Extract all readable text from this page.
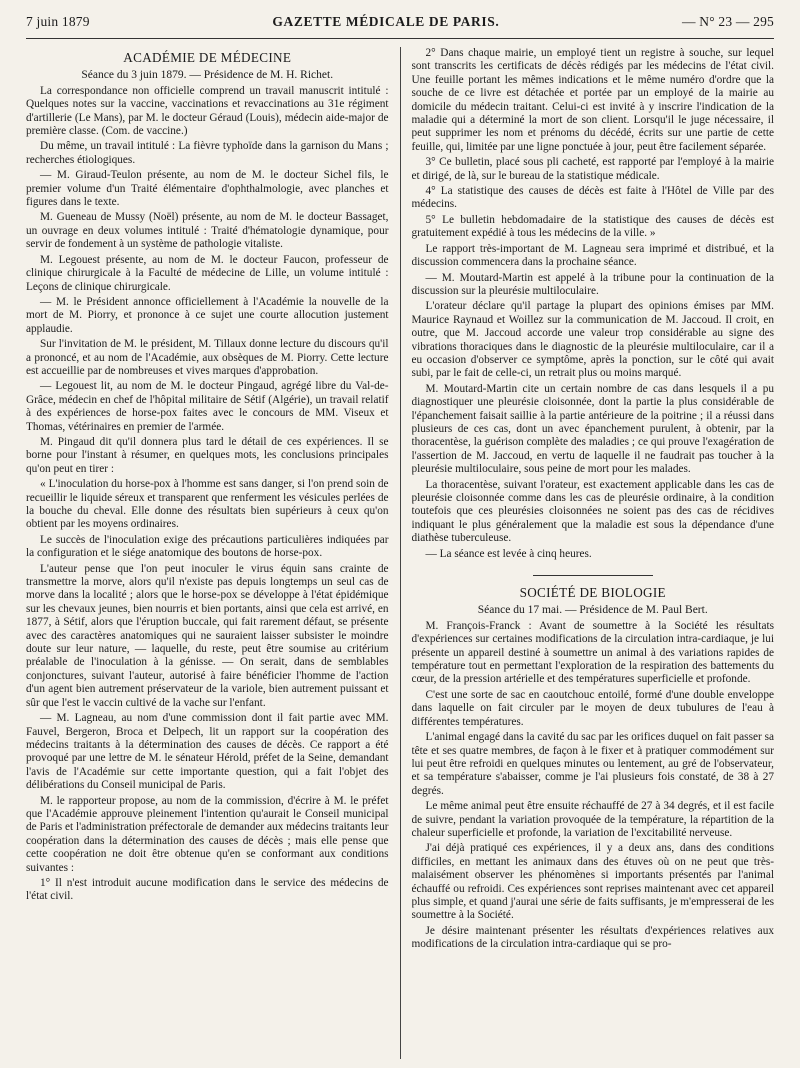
7 juin 1879	GAZETTE MÉDICALE DE PARIS.	— N° 23 — 295
ACADÉMIE DE MÉDECINE

Séance du 3 juin 1879. — Présidence de M. H. Richet.

La correspondance non officielle comprend un travail manuscrit intitulé : Quelques notes sur la vaccine, vaccinations et revaccinations au 31e régiment d'artillerie (Le Mans), par M. le docteur Géraud (Louis), médecin aide-major de première classe. (Com. de vaccine.)

Du même, un travail intitulé : La fièvre typhoïde dans la garnison du Mans ; recherches étiologiques.

— M. Giraud-Teulon présente, au nom de M. le docteur Sichel fils, le premier volume d'un Traité élémentaire d'ophthalmologie, avec planches et figures dans le texte.

M. Gueneau de Mussy (Noël) présente, au nom de M. le docteur Bassaget, un ouvrage en deux volumes intitulé : Traité d'hématologie dynamique, pour servir de fondement à un système de pathologie vitaliste.

M. Legouest présente, au nom de M. le docteur Faucon, professeur de clinique chirurgicale à la Faculté de médecine de Lille, un volume intitulé : Leçons de clinique chirurgicale.

— M. le Président annonce officiellement à l'Académie la nouvelle de la mort de M. Piorry, et prononce à ce sujet une courte allocution justement applaudie.

Sur l'invitation de M. le président, M. Tillaux donne lecture du discours qu'il a prononcé, et au nom de l'Académie, aux obsèques de M. Piorry. Cette lecture est accueillie par de nombreuses et vives marques d'approbation.

— Legouest lit, au nom de M. le docteur Pingaud, agrégé libre du Val-de-Grâce, médecin en chef de l'hôpital militaire de Sétif (Algérie), un travail relatif à des expériences de horse-pox faites avec le concours de MM. Viseux et Thomas, vétérinaires en premier de l'armée.

M. Pingaud dit qu'il donnera plus tard le détail de ces expériences. Il se borne pour l'instant à résumer, en quelques mots, les conclusions principales qu'on peut en tirer :

« L'inoculation du horse-pox à l'homme est sans danger, si l'on prend soin de recueillir le liquide séreux et transparent que renferment les vésicules perlées de la bouche du cheval. Elle donne des résultats bien supérieurs à ceux qu'on obtient par les moyens ordinaires.

Le succès de l'inoculation exige des précautions particulières indiquées par la configuration et le siége anatomique des boutons de horse-pox.

L'auteur pense que l'on peut inoculer le virus équin sans crainte de transmettre la morve, alors qu'il n'existe pas depuis longtemps un seul cas de morve dans la localité ; alors que le horse-pox se développe à l'état épidémique sur les chevaux jeunes, bien nourris et bien portants, ainsi que cela est arrivé, en 1877, à Sétif, alors que l'éruption buccale, qui fait rarement défaut, se présente avec des caractères anatomiques qui ne sauraient laisser subsister le moindre doute sur leur nature, — laquelle, du reste, peut être soumise au critérium préalable de l'inoculation à la génisse. — On serait, dans de semblables conjonctures, suivant l'auteur, autorisé à faire bénéficier l'homme de l'action d'un agent bien autrement préservateur de la variole, bien autrement puissant et sûr que l'est le vaccin cultivé de la vache sur l'enfant.

— M. Lagneau, au nom d'une commission dont il fait partie avec MM. Fauvel, Bergeron, Broca et Delpech, lit un rapport sur la coopération des médecins traitants à la détermination des causes de décès. Ce rapport a été provoqué par une lettre de M. le sénateur Hérold, préfet de la Seine, demandant l'avis de l'Académie sur cette importante question, qui a fait l'objet des délibérations du Conseil municipal de Paris.

M. le rapporteur propose, au nom de la commission, d'écrire à M. le préfet que l'Académie approuve pleinement l'intention qu'aurait le Conseil municipal de Paris et l'administration préfectorale de demander aux médecins traitants leur coopération dans la détermination des causes de décès ; mais elle pense que cette coopération ne doit être obtenue qu'en se conformant aux conditions suivantes :

1° Il n'est introduit aucune modification dans le service des médecins de l'état civil.

2° Dans chaque mairie, un employé tient un registre à souche, sur lequel sont transcrits les certificats de décès rédigés par les médecins de l'état civil. Une feuille portant les mêmes indications et le même numéro d'ordre que la souche de ce livre est détachée et portée par un employé de la mairie au domicile du médecin traitant. Celui-ci est invité à y inscrire l'indication de la maladie qui a déterminé la mort de son client. Lorsqu'il le juge nécessaire, il peut supprimer les nom et prénoms du décédé, écrits sur une partie de cette feuille, qui, limitée par une ligne ponctuée à jour, peut être facilement séparée.

3° Ce bulletin, placé sous pli cacheté, est rapporté par l'employé à la mairie et dirigé, de là, sur le bureau de la statistique médicale.

4° La statistique des causes de décès est faite à l'Hôtel de Ville par des médecins.

5° Le bulletin hebdomadaire de la statistique des causes de décès est gratuitement expédié à tous les médecins de la ville. »

Le rapport très-important de M. Lagneau sera imprimé et distribué, et la discussion commencera dans la prochaine séance.

— M. Moutard-Martin est appelé à la tribune pour la continuation de la discussion sur la pleurésie multiloculaire.

L'orateur déclare qu'il partage la plupart des opinions émises par MM. Maurice Raynaud et Woillez sur la communication de M. Jaccoud. Il croit, en outre, que M. Jaccoud accorde une valeur trop considérable au signe des vibrations thoraciques dans le diagnostic de la pleurésie multiloculaire, car il a eu occasion d'observer ce symptôme, après la ponction, sur le côté qui avait subi, par le fait de celle-ci, un retrait plus ou moins marqué.

M. Moutard-Martin cite un certain nombre de cas dans lesquels il a pu diagnostiquer une pleurésie cloisonnée, dont la partie la plus considérable de l'épanchement faisait saillie à la partie antérieure de la poitrine ; il a réussi dans plusieurs de ces cas, dont un avec épanchement purulent, à obtenir, par la thoracentèse, la guérison complète des maladies ; ce qui prouve l'exagération de l'assertion de M. Jaccoud, en vertu de laquelle il ne faudrait pas toucher à la pleurésie multiloculaire, sous peine de mort pour les malades.

La thoracentèse, suivant l'orateur, est exactement applicable dans les cas de pleurésie cloisonnée comme dans les cas de pleurésie ordinaire, à la condition toutefois que ces pleurésies cloisonnées ne soient pas des cas de récidives indiquant le plus généralement que la maladie est sous la dépendance d'une diathèse tuberculeuse.

— La séance est levée à cinq heures.

SOCIÉTÉ DE BIOLOGIE

Séance du 17 mai. — Présidence de M. Paul Bert.

M. François-Franck : Avant de soumettre à la Société les résultats d'expériences sur certaines modifications de la circulation intra-cardiaque, je lui présente un appareil destiné à soumettre un animal à des variations rapides de température tout en permettant l'exploration de la respiration des battements du cœur, de la pression artérielle et des températures superficielle et profonde.

C'est une sorte de sac en caoutchouc entoilé, formé d'une double enveloppe dans laquelle on fait circuler par le moyen de deux tubulures de l'eau à différentes températures.

L'animal engagé dans la cavité du sac par les orifices duquel on fait passer sa tête et ses quatre membres, de façon à le fixer et à pratiquer commodément sur lui peut être refroidi en quelques minutes ou lentement, au gré de l'observateur, et sa température s'abaisser, comme je l'ai plusieurs fois constaté, de 38 à 27 degrés.

Le même animal peut être ensuite réchauffé de 27 à 34 degrés, et il est facile de suivre, pendant la variation provoquée de la température, la répartition de la chaleur superficielle et profonde, la variation de l'excitabilité nerveuse.

J'ai déjà pratiqué ces expériences, il y a deux ans, dans des conditions difficiles, en mettant les animaux dans des étuves où on ne peut que très-malaisément observer les phénomènes si importants présentés par l'animal échauffé ou refroidi. Ces expériences sont reprises maintenant avec cet appareil plus simple, et quand j'aurai une série de faits suffisants, je m'empresserai de les soumettre à la Société.

Je désire maintenant présenter les résultats d'expériences relatives aux modifications de la circulation intra-cardiaque qui se pro-
